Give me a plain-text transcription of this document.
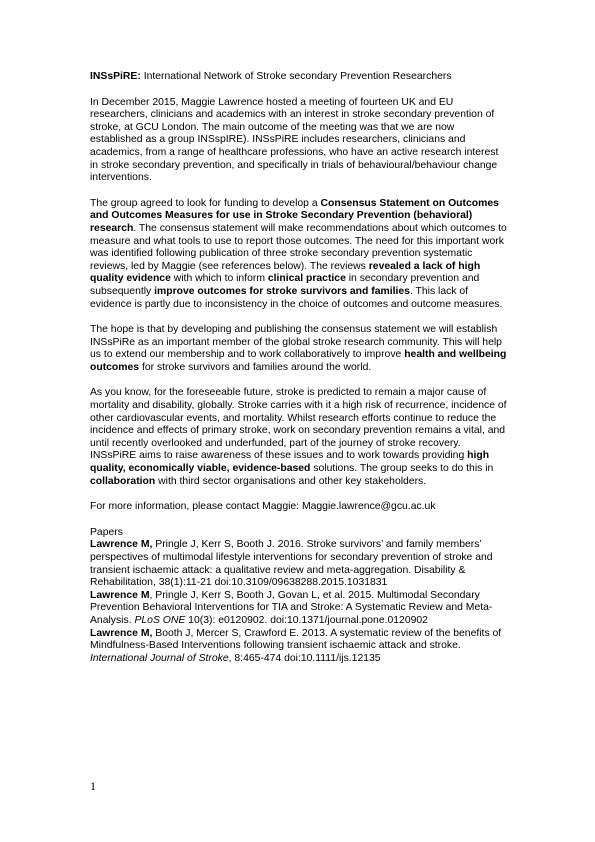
INSsPiRE: International Network of Stroke secondary Prevention Researchers

In December 2015, Maggie Lawrence hosted a meeting of fourteen UK and EU researchers, clinicians and academics with an interest in stroke secondary prevention of stroke, at GCU London. The main outcome of the meeting was that we are now established as a group INSspIRE). INSsPiRE includes researchers, clinicians and academics, from a range of healthcare professions, who have an active research interest in stroke secondary prevention, and specifically in trials of behavioural/behaviour change interventions.

The group agreed to look for funding to develop a Consensus Statement on Outcomes and Outcomes Measures for use in Stroke Secondary Prevention (behavioral) research. The consensus statement will make recommendations about which outcomes to measure and what tools to use to report those outcomes. The need for this important work was identified following publication of three stroke secondary prevention systematic reviews, led by Maggie (see references below). The reviews revealed a lack of high quality evidence with which to inform clinical practice in secondary prevention and subsequently improve outcomes for stroke survivors and families. This lack of evidence is partly due to inconsistency in the choice of outcomes and outcome measures.

The hope is that by developing and publishing the consensus statement we will establish INSsPiRe as an important member of the global stroke research community. This will help us to extend our membership and to work collaboratively to improve health and wellbeing outcomes for stroke survivors and families around the world.

As you know, for the foreseeable future, stroke is predicted to remain a major cause of mortality and disability, globally. Stroke carries with it a high risk of recurrence, incidence of other cardiovascular events, and mortality. Whilst research efforts continue to reduce the incidence and effects of primary stroke, work on secondary prevention remains a vital, and until recently overlooked and underfunded, part of the journey of stroke recovery. INSsPiRE aims to raise awareness of these issues and to work towards providing high quality, economically viable, evidence-based solutions. The group seeks to do this in collaboration with third sector organisations and other key stakeholders.

For more information, please contact Maggie: Maggie.lawrence@gcu.ac.uk

Papers

Lawrence M, Pringle J, Kerr S, Booth J. 2016. Stroke survivors’ and family members’ perspectives of multimodal lifestyle interventions for secondary prevention of stroke and transient ischaemic attack: a qualitative review and meta-aggregation. Disability & Rehabilitation, 38(1):11-21 doi:10.3109/09638288.2015.1031831

Lawrence M, Pringle J, Kerr S, Booth J, Govan L, et al. 2015. Multimodal Secondary Prevention Behavioral Interventions for TIA and Stroke: A Systematic Review and Meta-Analysis. PLoS ONE 10(3): e0120902. doi:10.1371/journal.pone.0120902

Lawrence M, Booth J, Mercer S, Crawford E. 2013. A systematic review of the benefits of Mindfulness-Based Interventions following transient ischaemic attack and stroke. International Journal of Stroke, 8:465-474 doi:10.1111/ijs.12135

1
